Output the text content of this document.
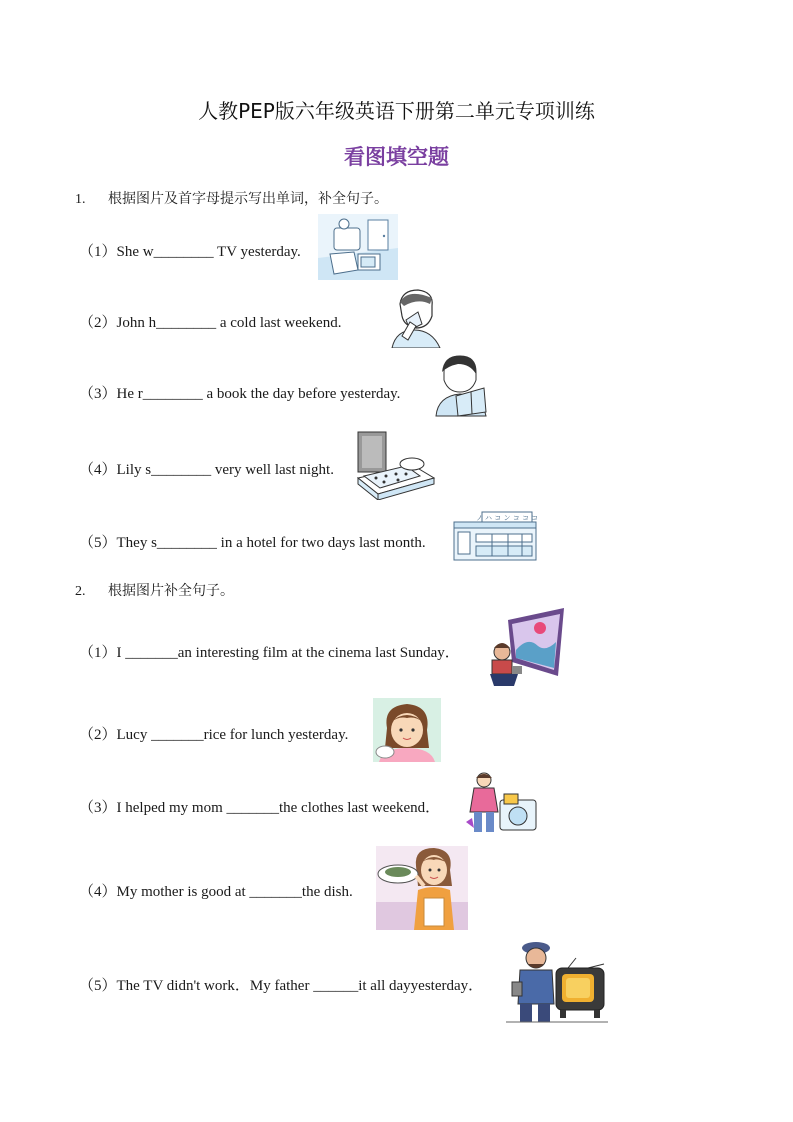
人教PEP版六年级英语下册第二单元专项训练
看图填空题
1. 根据图片及首字母提示写出单词，补全句子。
（1）She w________ TV yesterday.
（2）John h________ a cold last weekend.
（3）He r________ a book the day before yesterday.
（4）Lily s________ very well last night.
（5）They s________ in a hotel for two days last month.
ノ ハ コ ン コ コ コ
2. 根据图片补全句子。
（1）I _______an interesting film at the cinema last Sunday．
（2）Lucy _______rice for lunch yesterday.
（3）I helped my mom _______the clothes last weekend．
（4）My mother is good at _______the dish.
（5）The TV didn't work．My father ______it all dayyesterday．
